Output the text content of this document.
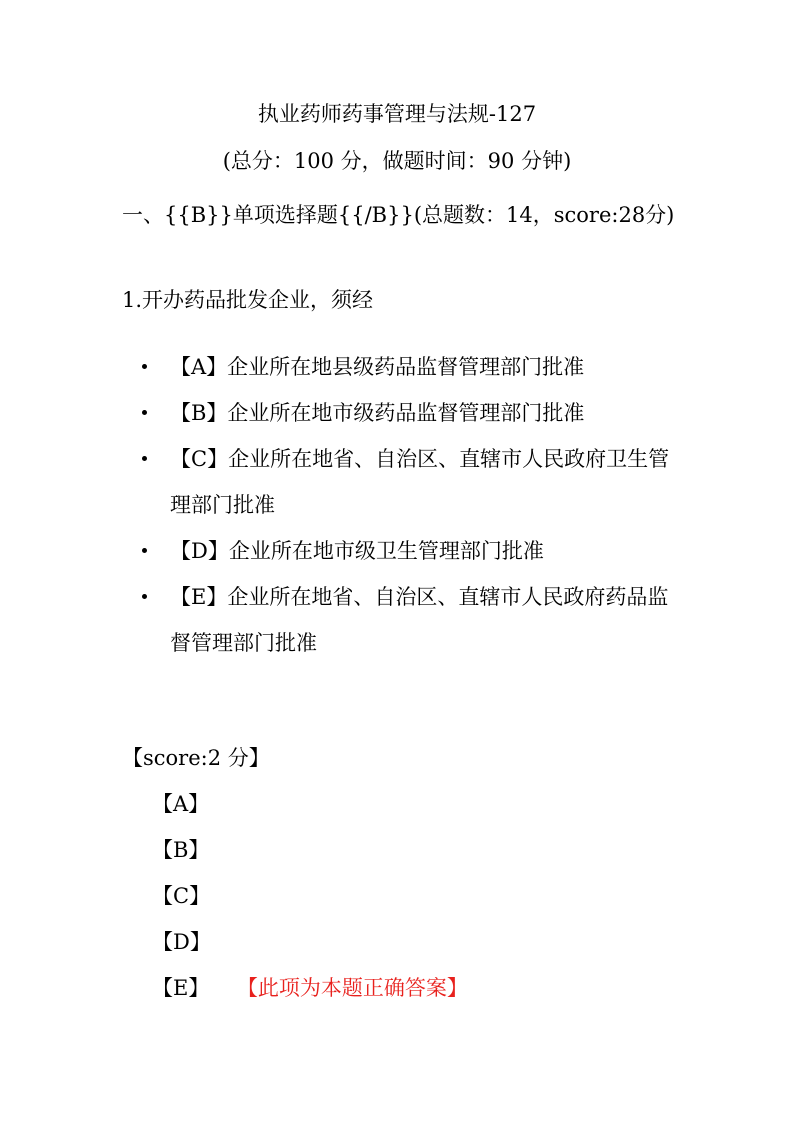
执业药师药事管理与法规-127
(总分：100 分，做题时间：90 分钟)
一、{{B}}单项选择题{{/B}}(总题数：14，score:28分)
1.开办药品批发企业，须经
【A】企业所在地县级药品监督管理部门批准
【B】企业所在地市级药品监督管理部门批准
【C】企业所在地省、自治区、直辖市人民政府卫生管理部门批准
【D】企业所在地市级卫生管理部门批准
【E】企业所在地省、自治区、直辖市人民政府药品监督管理部门批准
【score:2 分】
【A】
【B】
【C】
【D】
【E】 【此项为本题正确答案】
